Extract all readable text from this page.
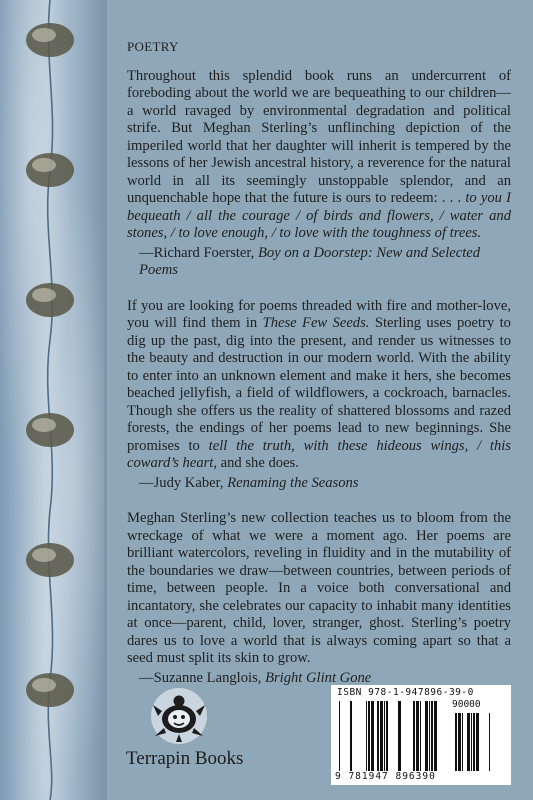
POETRY

Throughout this splendid book runs an undercurrent of foreboding about the world we are bequeathing to our children—a world ravaged by environmental degradation and political strife. But Meghan Sterling’s unflinching depiction of the imperiled world that her daughter will inherit is tempered by the lessons of her Jewish ancestral history, a reverence for the natural world in all its seemingly unstoppable splendor, and an unquenchable hope that the future is ours to redeem: . . . to you I bequeath / all the courage / of birds and flowers, / water and stones, / to love enough, / to love with the toughness of trees.

—Richard Foerster, Boy on a Doorstep: New and Selected Poems

If you are looking for poems threaded with fire and mother-love, you will find them in These Few Seeds. Sterling uses poetry to dig up the past, dig into the present, and render us witnesses to the beauty and destruction in our modern world. With the ability to enter into an unknown element and make it hers, she becomes beached jellyfish, a field of wildflowers, a cockroach, barnacles. Though she offers us the reality of shattered blossoms and razed forests, the endings of her poems lead to new beginnings. She promises to tell the truth, with these hideous wings, / this coward’s heart, and she does.

—Judy Kaber, Renaming the Seasons

Meghan Sterling’s new collection teaches us to bloom from the wreckage of what we were a moment ago. Her poems are brilliant watercolors, reveling in fluidity and in the mutability of the boundaries we draw—between countries, between periods of time, between people. In a voice both conversational and incantatory, she celebrates our capacity to inhabit many identities at once—parent, child, lover, stranger, ghost. Sterling’s poetry dares us to love a world that is always coming apart so that a seed must split its skin to grow.

—Suzanne Langlois, Bright Glint Gone

Terrapin Books
ISBN 978-1-947896-39-0
90000
9 781947 896390
